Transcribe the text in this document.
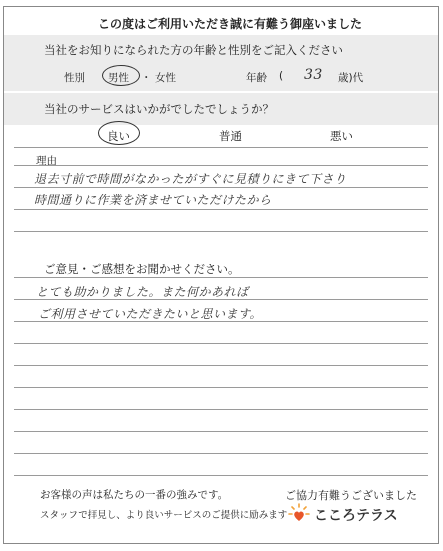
この度はご利用いただき誠に有難う御座いました
当社をお知りになられた方の年齢と性別をご記入ください
性別 男性 ・ 女性	年齢 ( 33 歳)代
当社のサービスはいかがでしたでしょうか？
良い	普通	悪い
理由
退去寸前で時間がなかったがすぐに見積りにきて下さり
時間通りに作業を済ませていただけたから
ご意見・ご感想をお聞かせください。
とても助かりました。また何かあれば
ご利用させていただきたいと思います。
お客様の声は私たちの一番の強みです。
スタッフで拝見し、より良いサービスのご提供に励みます
ご協力有難うございました
こころテラス
